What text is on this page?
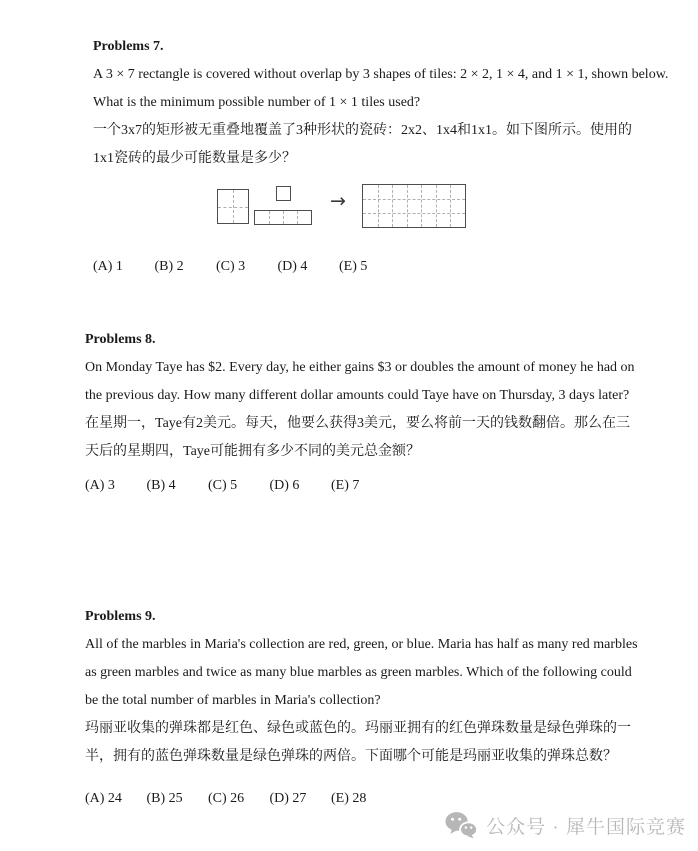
Problems 7.
A 3 × 7 rectangle is covered without overlap by 3 shapes of tiles: 2 × 2, 1 × 4, and 1 × 1, shown below.
What is the minimum possible number of 1 × 1 tiles used?
一个3x7的矩形被无重叠地覆盖了3种形状的瓷砖：2x2、1x4和1x1。如下图所示。使用的
1x1瓷砖的最少可能数量是多少？
→
(A) 1 (B) 2 (C) 3 (D) 4 (E) 5
Problems 8.
On Monday Taye has $2. Every day, he either gains $3 or doubles the amount of money he had on
the previous day. How many different dollar amounts could Taye have on Thursday, 3 days later?
在星期一，Taye有2美元。每天，他要么获得3美元，要么将前一天的钱数翻倍。那么在三
天后的星期四，Taye可能拥有多少不同的美元总金额？
(A) 3 (B) 4 (C) 5 (D) 6 (E) 7
Problems 9.
All of the marbles in Maria's collection are red, green, or blue. Maria has half as many red marbles
as green marbles and twice as many blue marbles as green marbles. Which of the following could
be the total number of marbles in Maria's collection?
玛丽亚收集的弹珠都是红色、绿色或蓝色的。玛丽亚拥有的红色弹珠数量是绿色弹珠的一
半，拥有的蓝色弹珠数量是绿色弹珠的两倍。下面哪个可能是玛丽亚收集的弹珠总数？
(A) 24 (B) 25 (C) 26 (D) 27 (E) 28
公众号 · 犀牛国际竞赛
